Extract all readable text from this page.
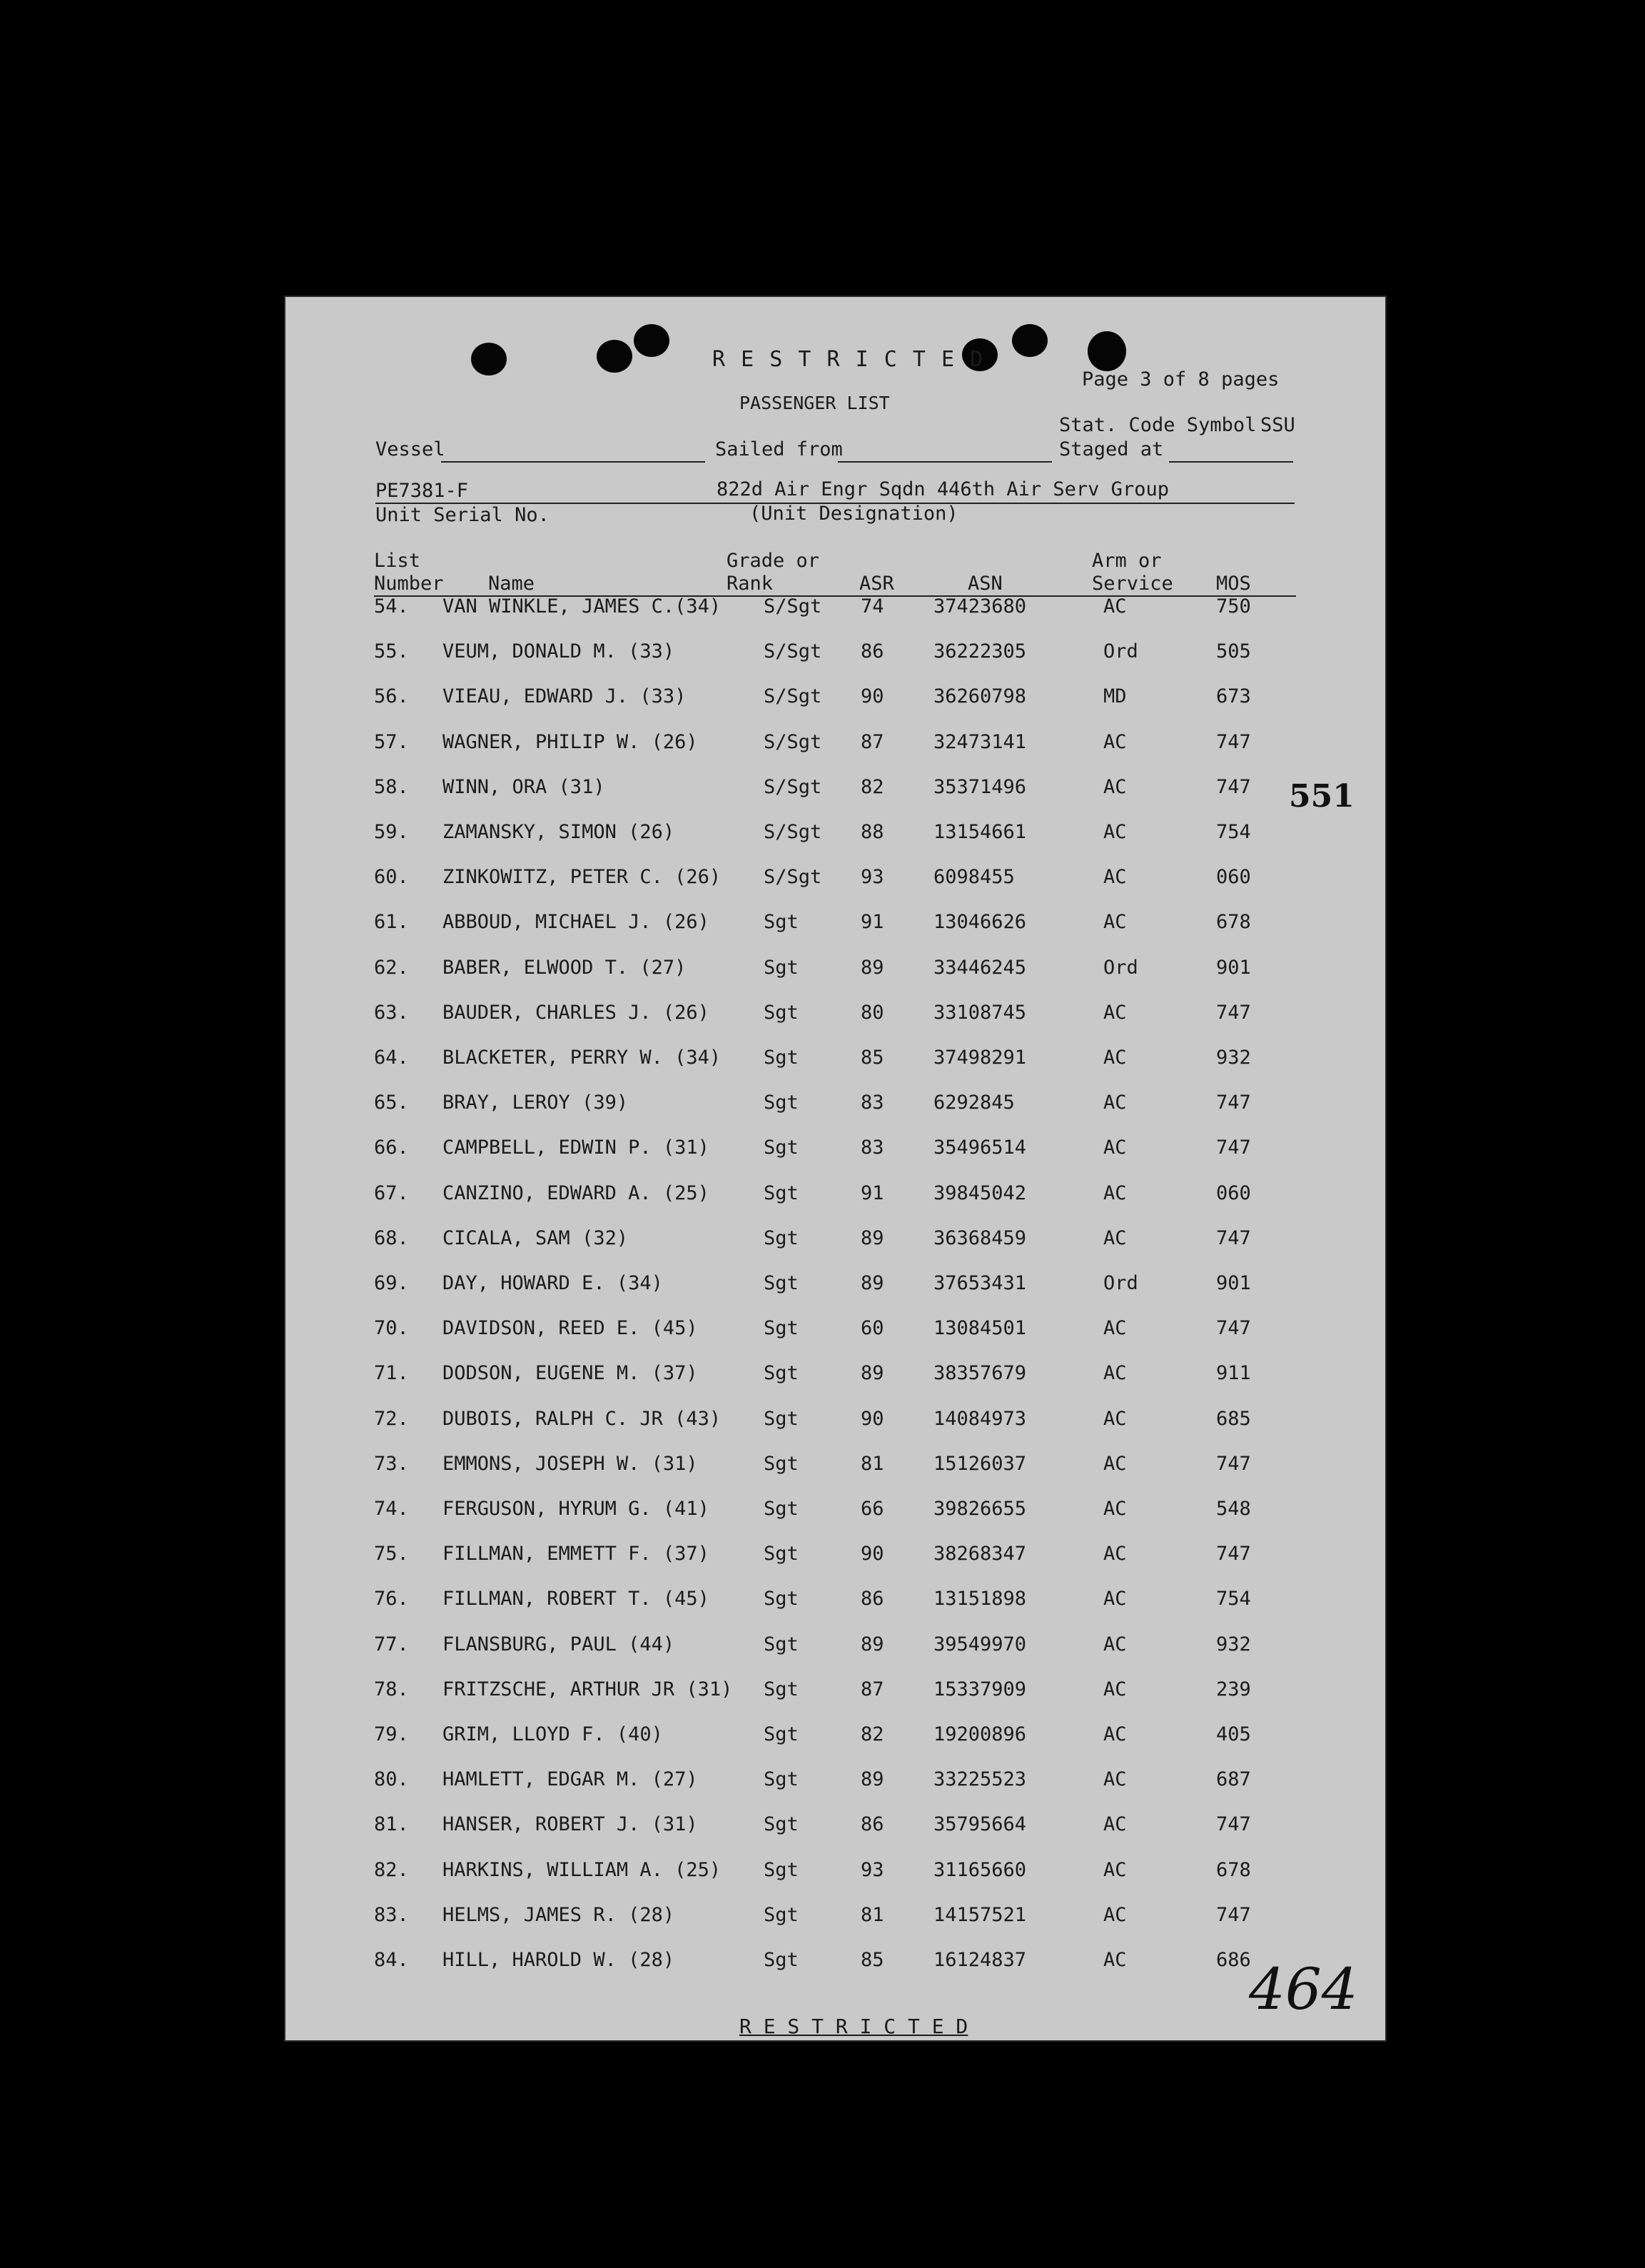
R E S T R I C T E D
PASSENGER LIST
Page 3 of 8 pages
Vessel	Sailed from
Stat. Code Symbol SSU
Staged at
PE7381-F	822d Air Engr Sqdn 446th Air Serv Group
Unit Serial No.	(Unit Designation)
List
Number Name
Grade or
Rank	ASR	ASN
Arm or
Service MOS
54. VAN WINKLE, JAMES C.(34) S/Sgt 74	37423680	AC	750
55. VEUM, DONALD M. (33)	S/Sgt 86	36222305	Ord	505
56. VIEAU, EDWARD J. (33)	S/Sgt 90	36260798	MD	673
57. WAGNER, PHILIP W. (26)	S/Sgt 87	32473141	AC	747
58. WINN, ORA (31)	S/Sgt 82	35371496	AC	747
59. ZAMANSKY, SIMON (26)	S/Sgt 88	13154661	AC	754
60. ZINKOWITZ, PETER C. (26) S/Sgt 93	6098455	AC	060
61. ABBOUD, MICHAEL J. (26)	Sgt	91	13046626	AC	678
62. BABER, ELWOOD T. (27)	Sgt	89	33446245	Ord	901
63. BAUDER, CHARLES J. (26)	Sgt	80	33108745	AC	747
64. BLACKETER, PERRY W. (34) Sgt	85	37498291	AC	932
65. BRAY, LEROY (39)	Sgt	83	6292845	AC	747
66. CAMPBELL, EDWIN P. (31)	Sgt	83	35496514	AC	747
67. CANZINO, EDWARD A. (25)	Sgt	91	39845042	AC	060
68. CICALA, SAM (32)	Sgt	89	36368459	AC	747
69. DAY, HOWARD E. (34)	Sgt	89	37653431	Ord	901
70. DAVIDSON, REED E. (45)	Sgt	60	13084501	AC	747
71. DODSON, EUGENE M. (37)	Sgt	89	38357679	AC	911
72. DUBOIS, RALPH C. JR (43) Sgt	90	14084973	AC	685
73. EMMONS, JOSEPH W. (31)	Sgt	81	15126037	AC	747
74. FERGUSON, HYRUM G. (41)	Sgt	66	39826655	AC	548
75. FILLMAN, EMMETT F. (37)	Sgt	90	38268347	AC	747
76. FILLMAN, ROBERT T. (45)	Sgt	86	13151898	AC	754
77. FLANSBURG, PAUL (44)	Sgt	89	39549970	AC	932
78. FRITZSCHE, ARTHUR JR (31) Sgt	87	15337909	AC	239
79. GRIM, LLOYD F. (40)	Sgt	82	19200896	AC	405
80. HAMLETT, EDGAR M. (27)	Sgt	89	33225523	AC	687
81. HANSER, ROBERT J. (31)	Sgt	86	35795664	AC	747
82. HARKINS, WILLIAM A. (25) Sgt	93	31165660	AC	678
83. HELMS, JAMES R. (28)	Sgt	81	14157521	AC	747
84. HILL, HAROLD W. (28)	Sgt	85	16124837	AC	686
R E S T R I C T E D
551
464
